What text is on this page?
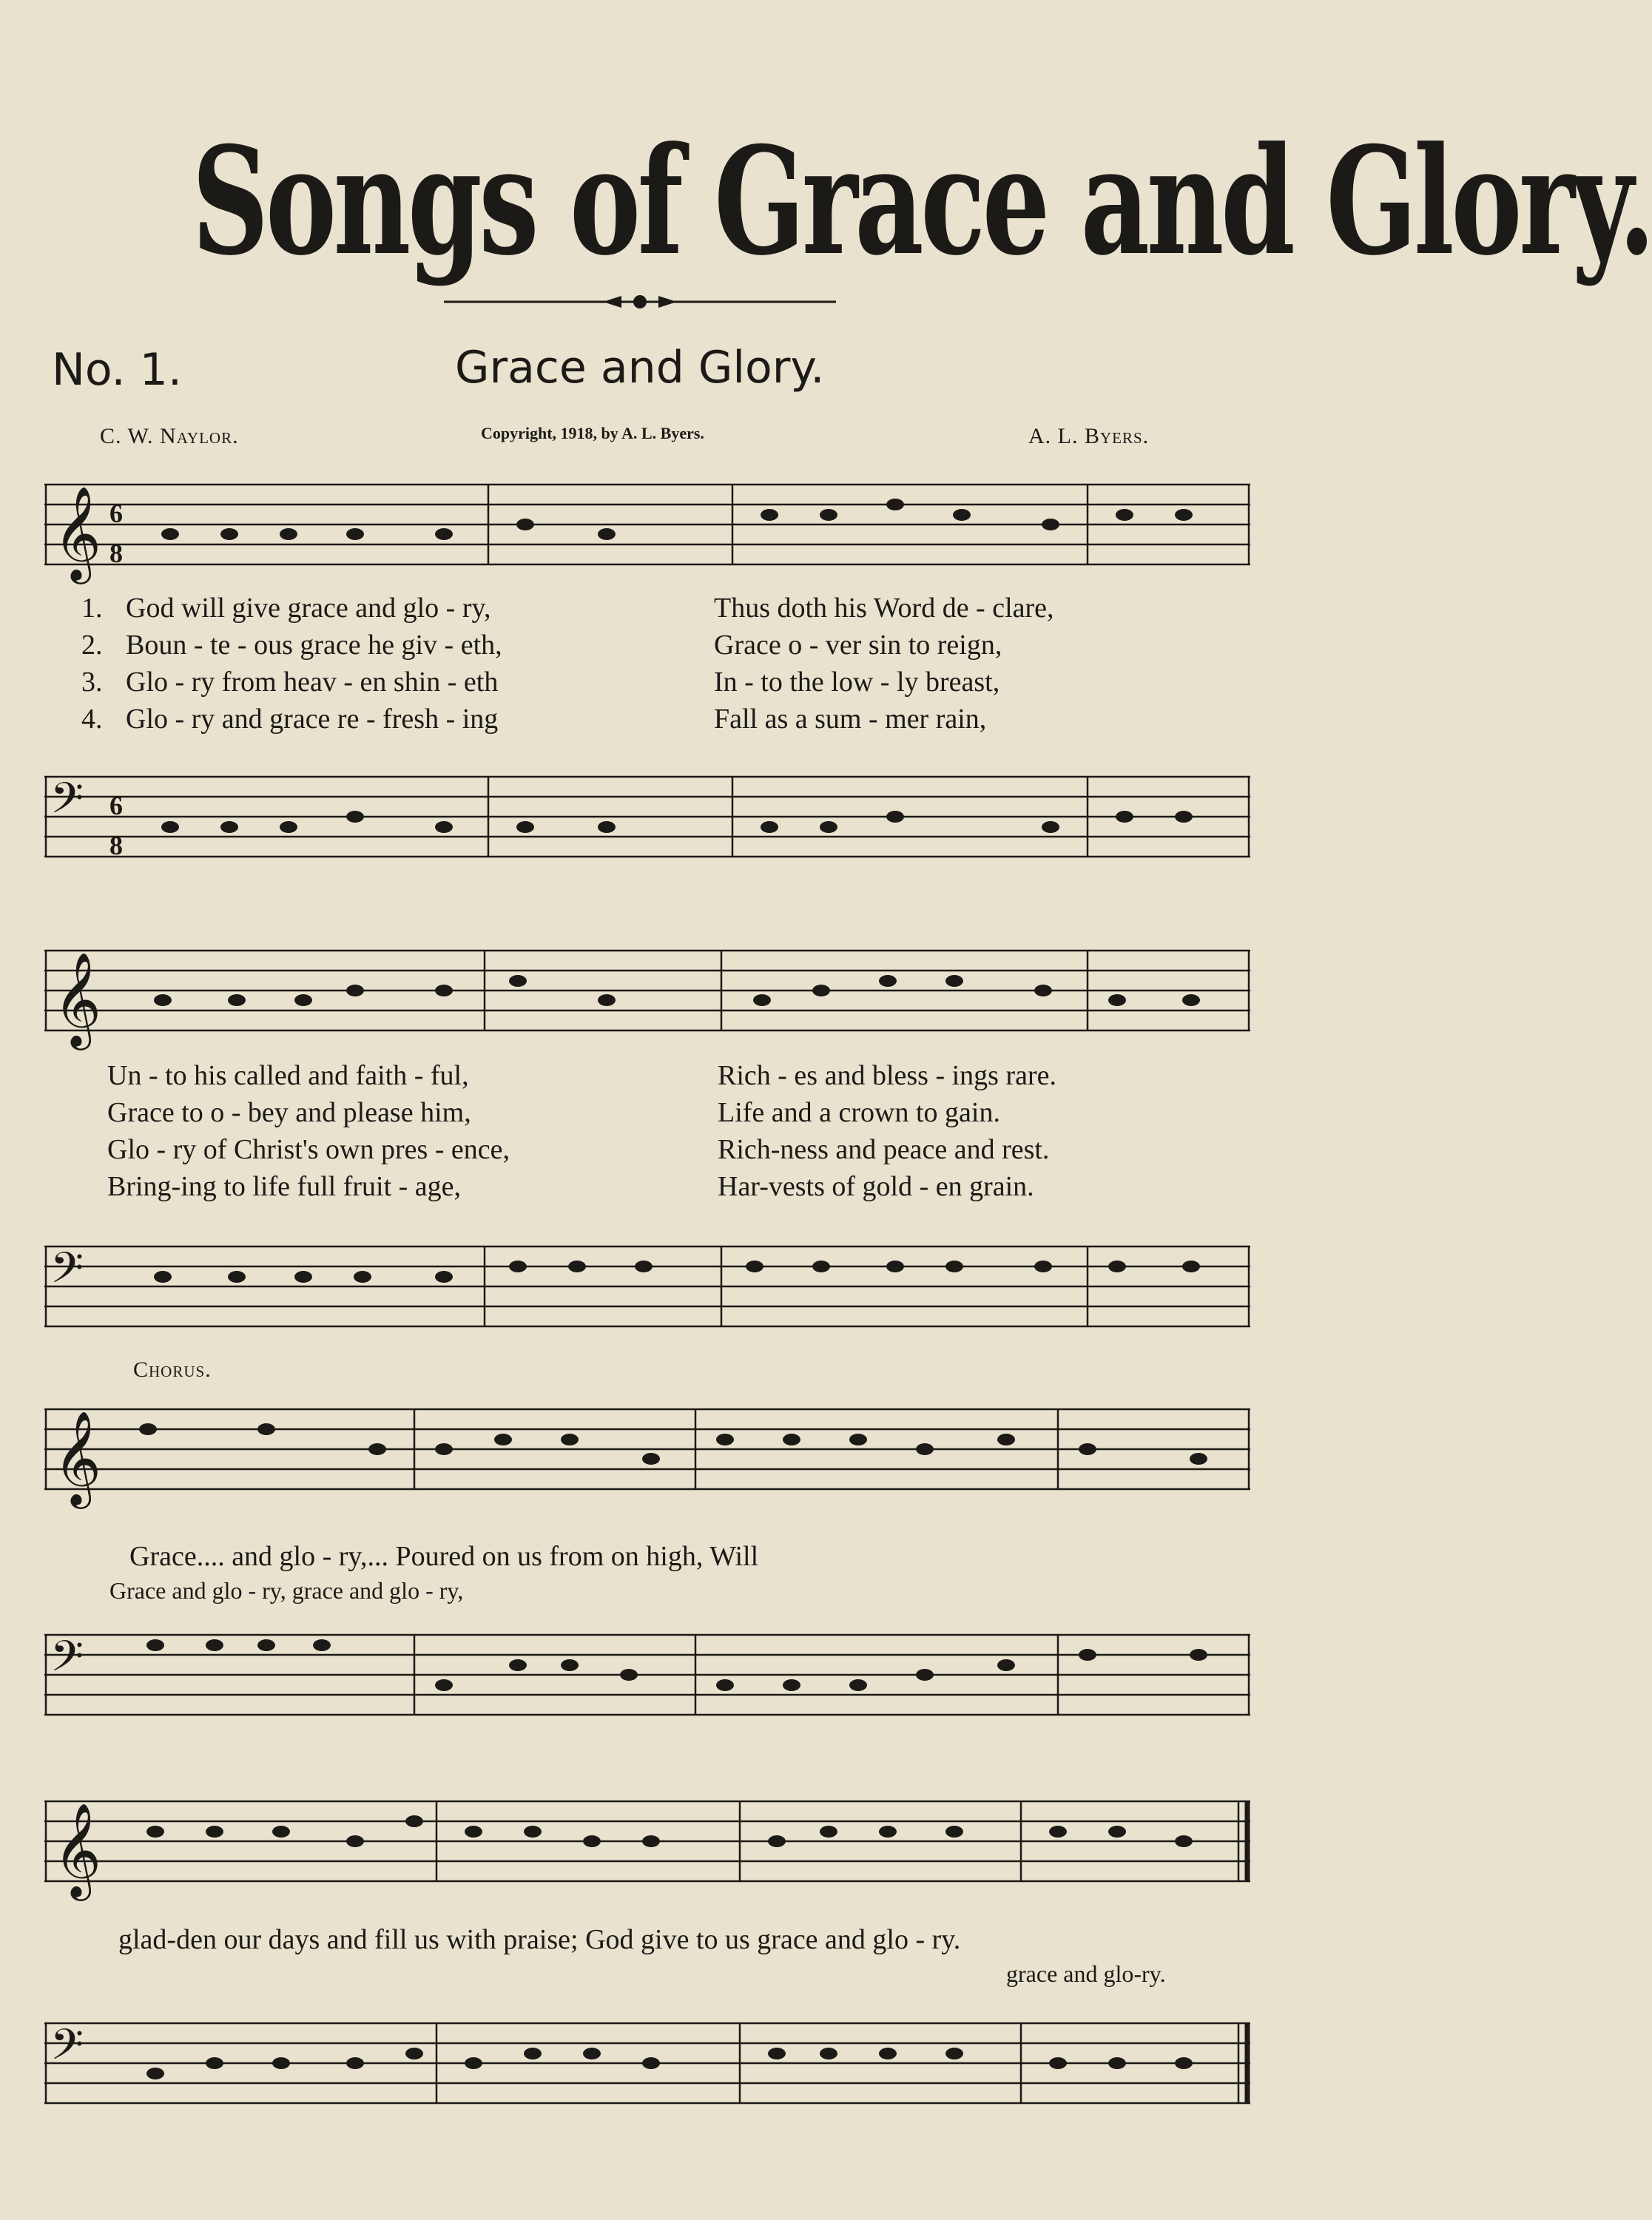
Songs of Grace and Glory.
No. 1.	Grace and Glory.
C. W. Naylor.	Copyright, 1918, by A. L. Byers.	A. L. Byers.
𝄞 6
8
1. God will give grace and glo - ry,	Thus doth his Word de - clare,
2. Boun - te - ous grace he giv - eth,	Grace o - ver sin to reign,
3. Glo - ry from heav - en shin - eth	In - to the low - ly breast,
4. Glo - ry and grace re - fresh - ing	Fall as a sum - mer rain,
𝄢 6
8
𝄞
Un - to his called and faith - ful,	Rich - es and bless - ings rare.
Grace to o - bey and please him,	Life and a crown to gain.
Glo - ry of Christ's own pres - ence,	Rich-ness and peace and rest.
Bring-ing to life full fruit - age,	Har-vests of gold - en grain.
𝄢
Chorus.
𝄞
Grace.... and glo - ry,... Poured on us from on high, Will
Grace and glo - ry, grace and glo - ry,
𝄢
𝄞
glad-den our days and fill us with praise; God give to us grace and glo - ry.
grace and glo-ry.
𝄢
